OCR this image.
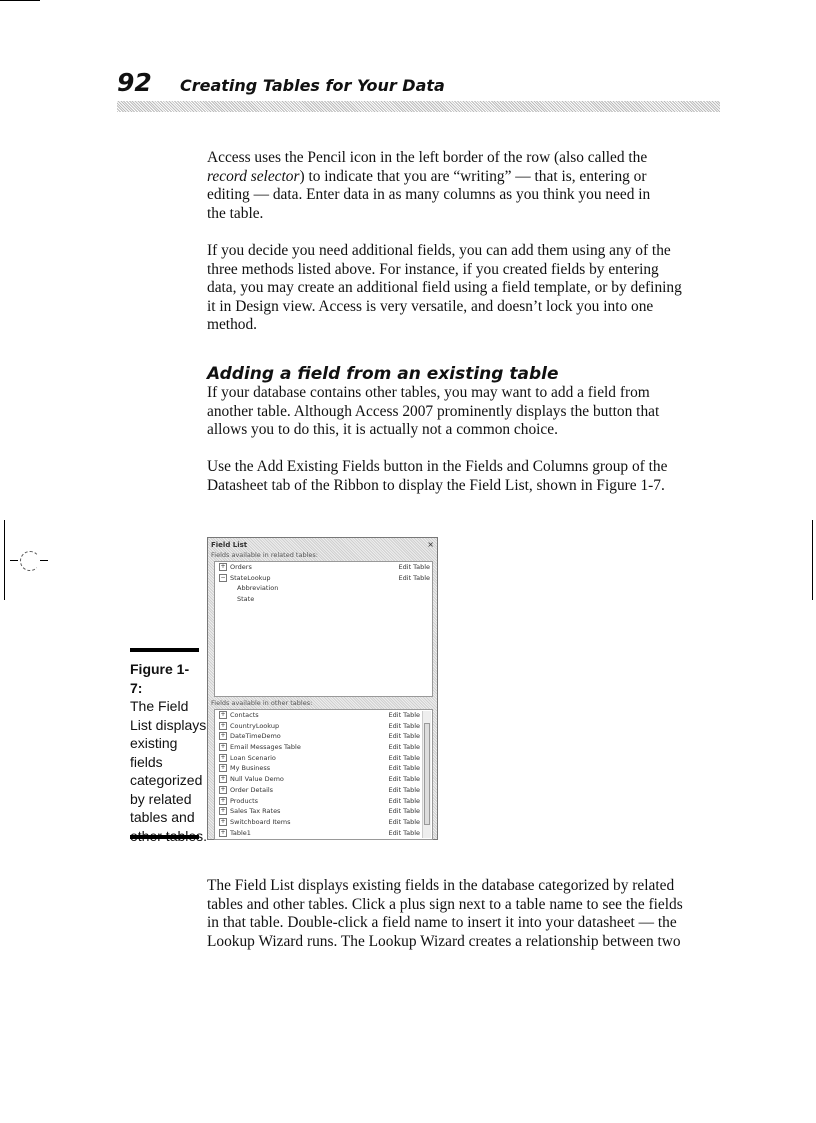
92 Creating Tables for Your Data

Access uses the Pencil icon in the left border of the row (also called the
record selector) to indicate that you are “writing” — that is, entering or
editing — data. Enter data in as many columns as you think you need in
the table.

If you decide you need additional fields, you can add them using any of the
three methods listed above. For instance, if you created fields by entering
data, you may create an additional field using a field template, or by defining
it in Design view. Access is very versatile, and doesn’t lock you into one
method.

Adding a field from an existing table

If your database contains other tables, you may want to add a field from
another table. Although Access 2007 prominently displays the button that
allows you to do this, it is actually not a common choice.

Use the Add Existing Fields button in the Fields and Columns group of the
Datasheet tab of the Ribbon to display the Field List, shown in Figure 1-7.

The Field List displays existing fields in the database categorized by related
tables and other tables. Click a plus sign next to a table name to see the fields
in that table. Double-click a field name to insert it into your datasheet — the
Lookup Wizard runs. The Lookup Wizard creates a relationship between two

Field List	×
Fields available in related tables:
+ Orders	Edit Table
− StateLookup	Edit Table
Abbreviation
State
Fields available in other tables:
+ Contacts	Edit Table
+ CountryLookup	Edit Table
+ DateTimeDemo	Edit Table
+ Email Messages Table	Edit Table
+ Loan Scenario	Edit Table
+ My Business	Edit Table
+ Null Value Demo	Edit Table
+ Order Details	Edit Table
+ Products	Edit Table
+ Sales Tax Rates	Edit Table
+ Switchboard Items	Edit Table
+ Table1	Edit Table
Figure 1-7:
The Field
List displays
existing
fields
categorized
by related
tables and
